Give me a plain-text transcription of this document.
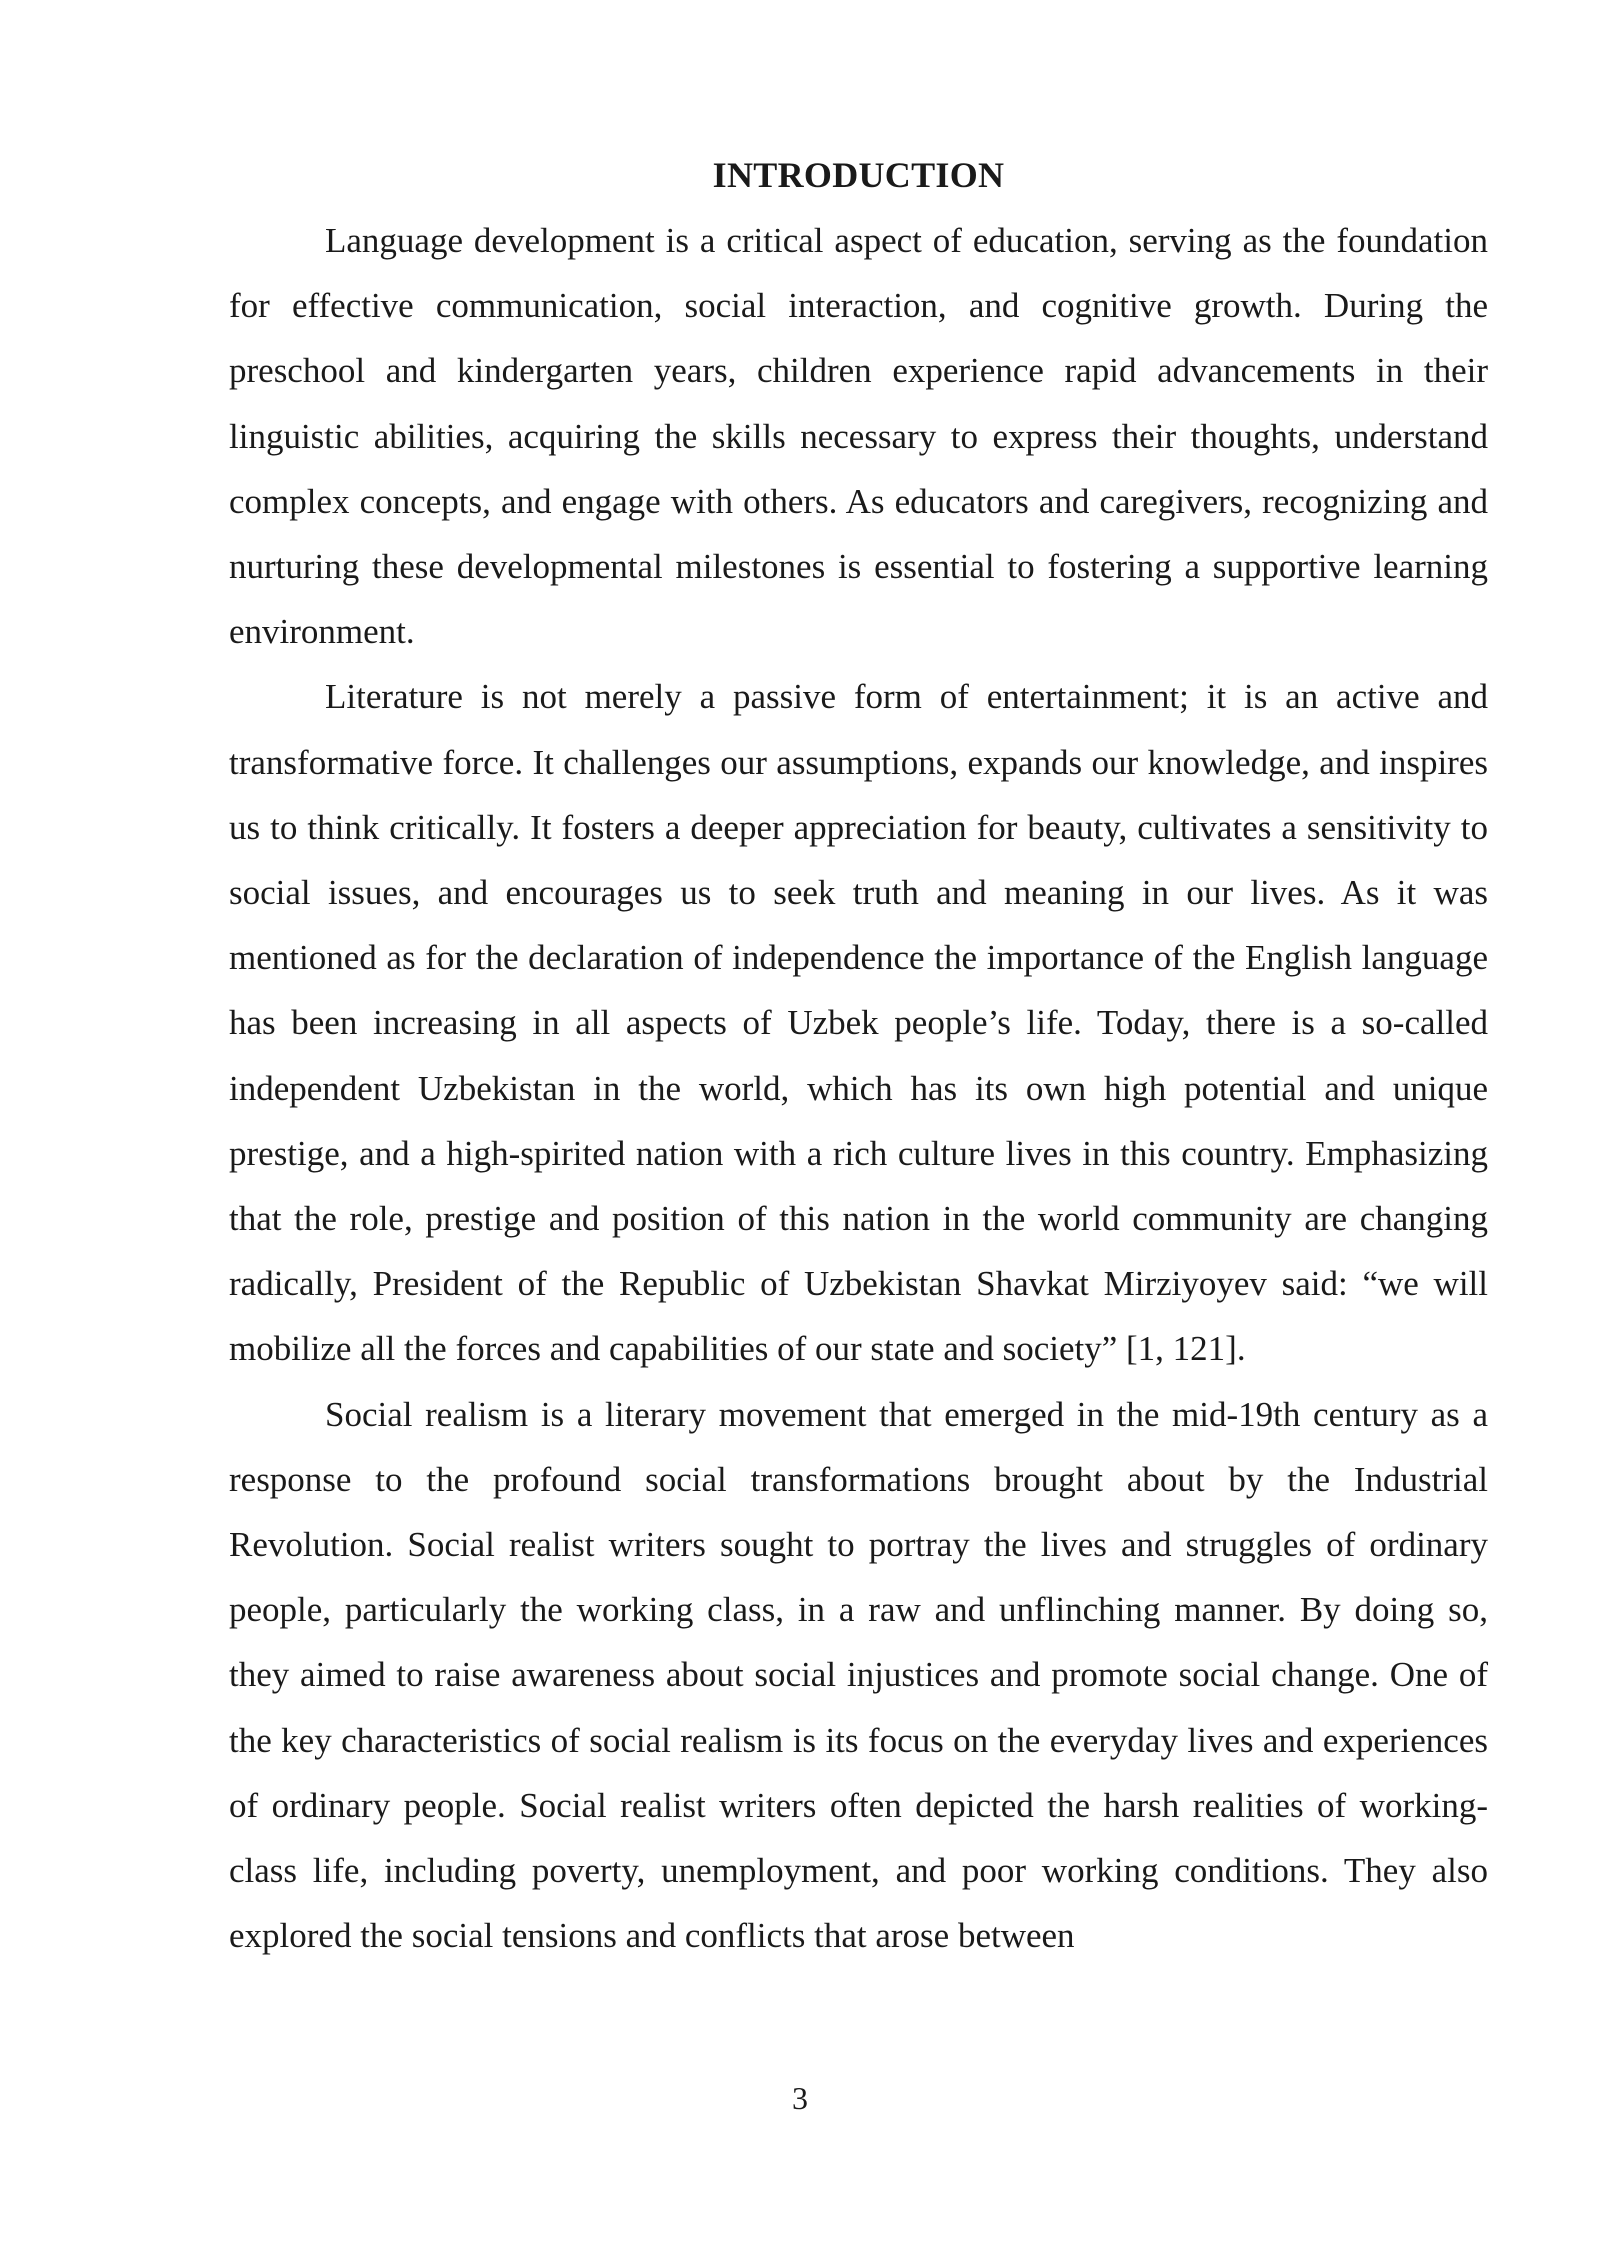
INTRODUCTION

Language development is a critical aspect of education, serving as the foundation for effective communication, social interaction, and cognitive growth. During the preschool and kindergarten years, children experience rapid advancements in their linguistic abilities, acquiring the skills necessary to express their thoughts, understand complex concepts, and engage with others. As educators and caregivers, recognizing and nurturing these developmental milestones is essential to fostering a supportive learning environment.

Literature is not merely a passive form of entertainment; it is an active and transformative force. It challenges our assumptions, expands our knowledge, and inspires us to think critically. It fosters a deeper appreciation for beauty, cultivates a sensitivity to social issues, and encourages us to seek truth and meaning in our lives. As it was mentioned as for the declaration of independence the importance of the English language has been increasing in all aspects of Uzbek people’s life. Today, there is a so-called independent Uzbekistan in the world, which has its own high potential and unique prestige, and a high-spirited nation with a rich culture lives in this country. Emphasizing that the role, prestige and position of this nation in the world community are changing radically, President of the Republic of Uzbekistan Shavkat Mirziyoyev said: “we will mobilize all the forces and capabilities of our state and society” [1, 121].

Social realism is a literary movement that emerged in the mid-19th century as a response to the profound social transformations brought about by the Industrial Revolution. Social realist writers sought to portray the lives and struggles of ordinary people, particularly the working class, in a raw and unflinching manner. By doing so, they aimed to raise awareness about social injustices and promote social change. One of the key characteristics of social realism is its focus on the everyday lives and experiences of ordinary people. Social realist writers often depicted the harsh realities of working-class life, including poverty, unemployment, and poor working conditions. They also explored the social tensions and conflicts that arose between

3
